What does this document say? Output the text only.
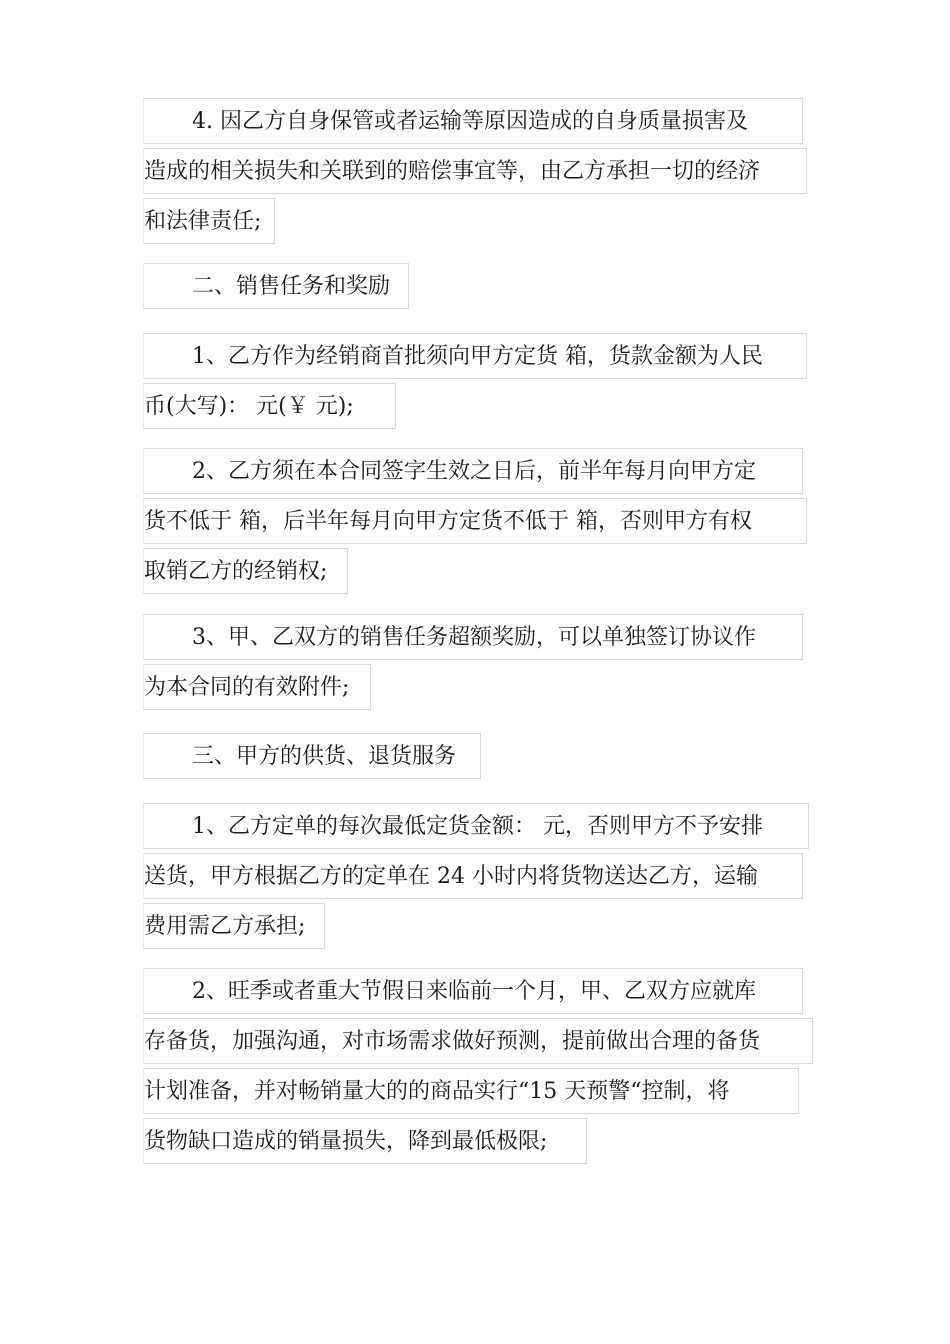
4. 因乙方自身保管或者运输等原因造成的自身质量损害及
造成的相关损失和关联到的赔偿事宜等，由乙方承担一切的经济
和法律责任;
二、销售任务和奖励
1、乙方作为经销商首批须向甲方定货 箱，货款金额为人民
币(大写)： 元(￥ 元);
2、乙方须在本合同签字生效之日后，前半年每月向甲方定
货不低于 箱，后半年每月向甲方定货不低于 箱，否则甲方有权
取销乙方的经销权;
3、甲、乙双方的销售任务超额奖励，可以单独签订协议作
为本合同的有效附件;
三、甲方的供货、退货服务
1、乙方定单的每次最低定货金额： 元，否则甲方不予安排
送货，甲方根据乙方的定单在 24 小时内将货物送达乙方，运输
费用需乙方承担;
2、旺季或者重大节假日来临前一个月，甲、乙双方应就库
存备货，加强沟通，对市场需求做好预测，提前做出合理的备货
计划准备，并对畅销量大的的商品实行“15 天预警“控制，将
货物缺口造成的销量损失，降到最低极限;
